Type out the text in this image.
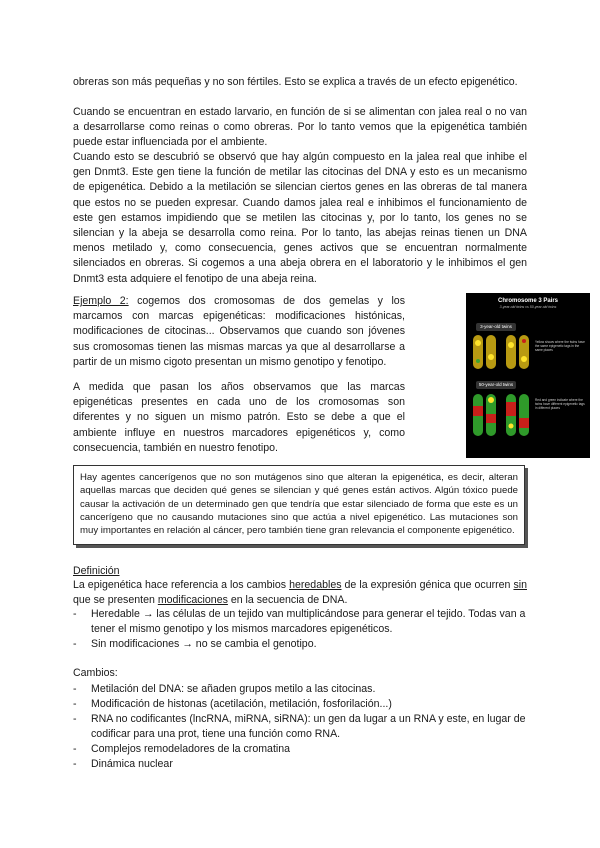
obreras son más pequeñas y no son fértiles. Esto se explica a través de un efecto epigenético.

Cuando se encuentran en estado larvario, en función de si se alimentan con jalea real o no van a desarrollarse como reinas o como obreras. Por lo tanto vemos que la epigenética también puede estar influenciada por el ambiente.

Cuando esto se descubrió se observó que hay algún compuesto en la jalea real que inhibe el gen Dnmt3. Este gen tiene la función de metilar las citocinas del DNA y esto es un mecanismo de epigenética. Debido a la metilación se silencian ciertos genes en las obreras de tal manera que estos no se pueden expresar. Cuando damos jalea real e inhibimos el funcionamiento de este gen estamos impidiendo que se metilen las citocinas y, por lo tanto, los genes no se silencian y la abeja se desarrolla como reina. Por lo tanto, las abejas reinas tienen un DNA menos metilado y, como consecuencia, genes activos que se encuentran normalmente silenciados en obreras. Si cogemos a una abeja obrera en el laboratorio y le inhibimos el gen Dnmt3 esta adquiere el fenotipo de una abeja reina.

Ejemplo 2: cogemos dos cromosomas de dos gemelas y los marcamos con marcas epigenéticas: modificaciones histónicas, modificaciones de citocinas... Observamos que cuando son jóvenes sus cromosomas tienen las mismas marcas ya que al desarrollarse a partir de un mismo cigoto presentan un mismo genotipo y fenotipo.

A medida que pasan los años observamos que las marcas epigenéticas presentes en cada uno de los cromosomas son diferentes y no siguen un mismo patrón. Esto se debe a que el ambiente influye en nuestros marcadores epigenéticos y, como consecuencia, también en nuestro fenotipo.

Chromosome 3 Pairs
3-year-old twins vs 50-year-old twins
3-year-old twins
Yellow shows where the twins have the same epigenetic tags in the same places
50-year-old twins
Red and green indicate where the twins have different epigenetic tags in different places

Hay agentes cancerígenos que no son mutágenos sino que alteran la epigenética, es decir, alteran aquellas marcas que deciden qué genes se silencian y qué genes están activos. Algún tóxico puede causar la activación de un determinado gen que tendría que estar silenciado de forma que este es un cancerígeno que no causando mutaciones sino que actúa a nivel epigenético. Las mutaciones son muy importantes en relación al cáncer, pero también tiene gran relevancia el componente epigenético.

Definición

La epigenética hace referencia a los cambios heredables de la expresión génica que ocurren sin que se presenten modificaciones en la secuencia de DNA.

- Heredable → las células de un tejido van multiplicándose para generar el tejido. Todas van a tener el mismo genotipo y los mismos marcadores epigenéticos.
- Sin modificaciones → no se cambia el genotipo.
Cambios:
- Metilación del DNA: se añaden grupos metilo a las citocinas.
- Modificación de histonas (acetilación, metilación, fosforilación...)
- RNA no codificantes (lncRNA, miRNA, siRNA): un gen da lugar a un RNA y este, en lugar de codificar para una prot, tiene una función como RNA.
- Complejos remodeladores de la cromatina
- Dinámica nuclear
